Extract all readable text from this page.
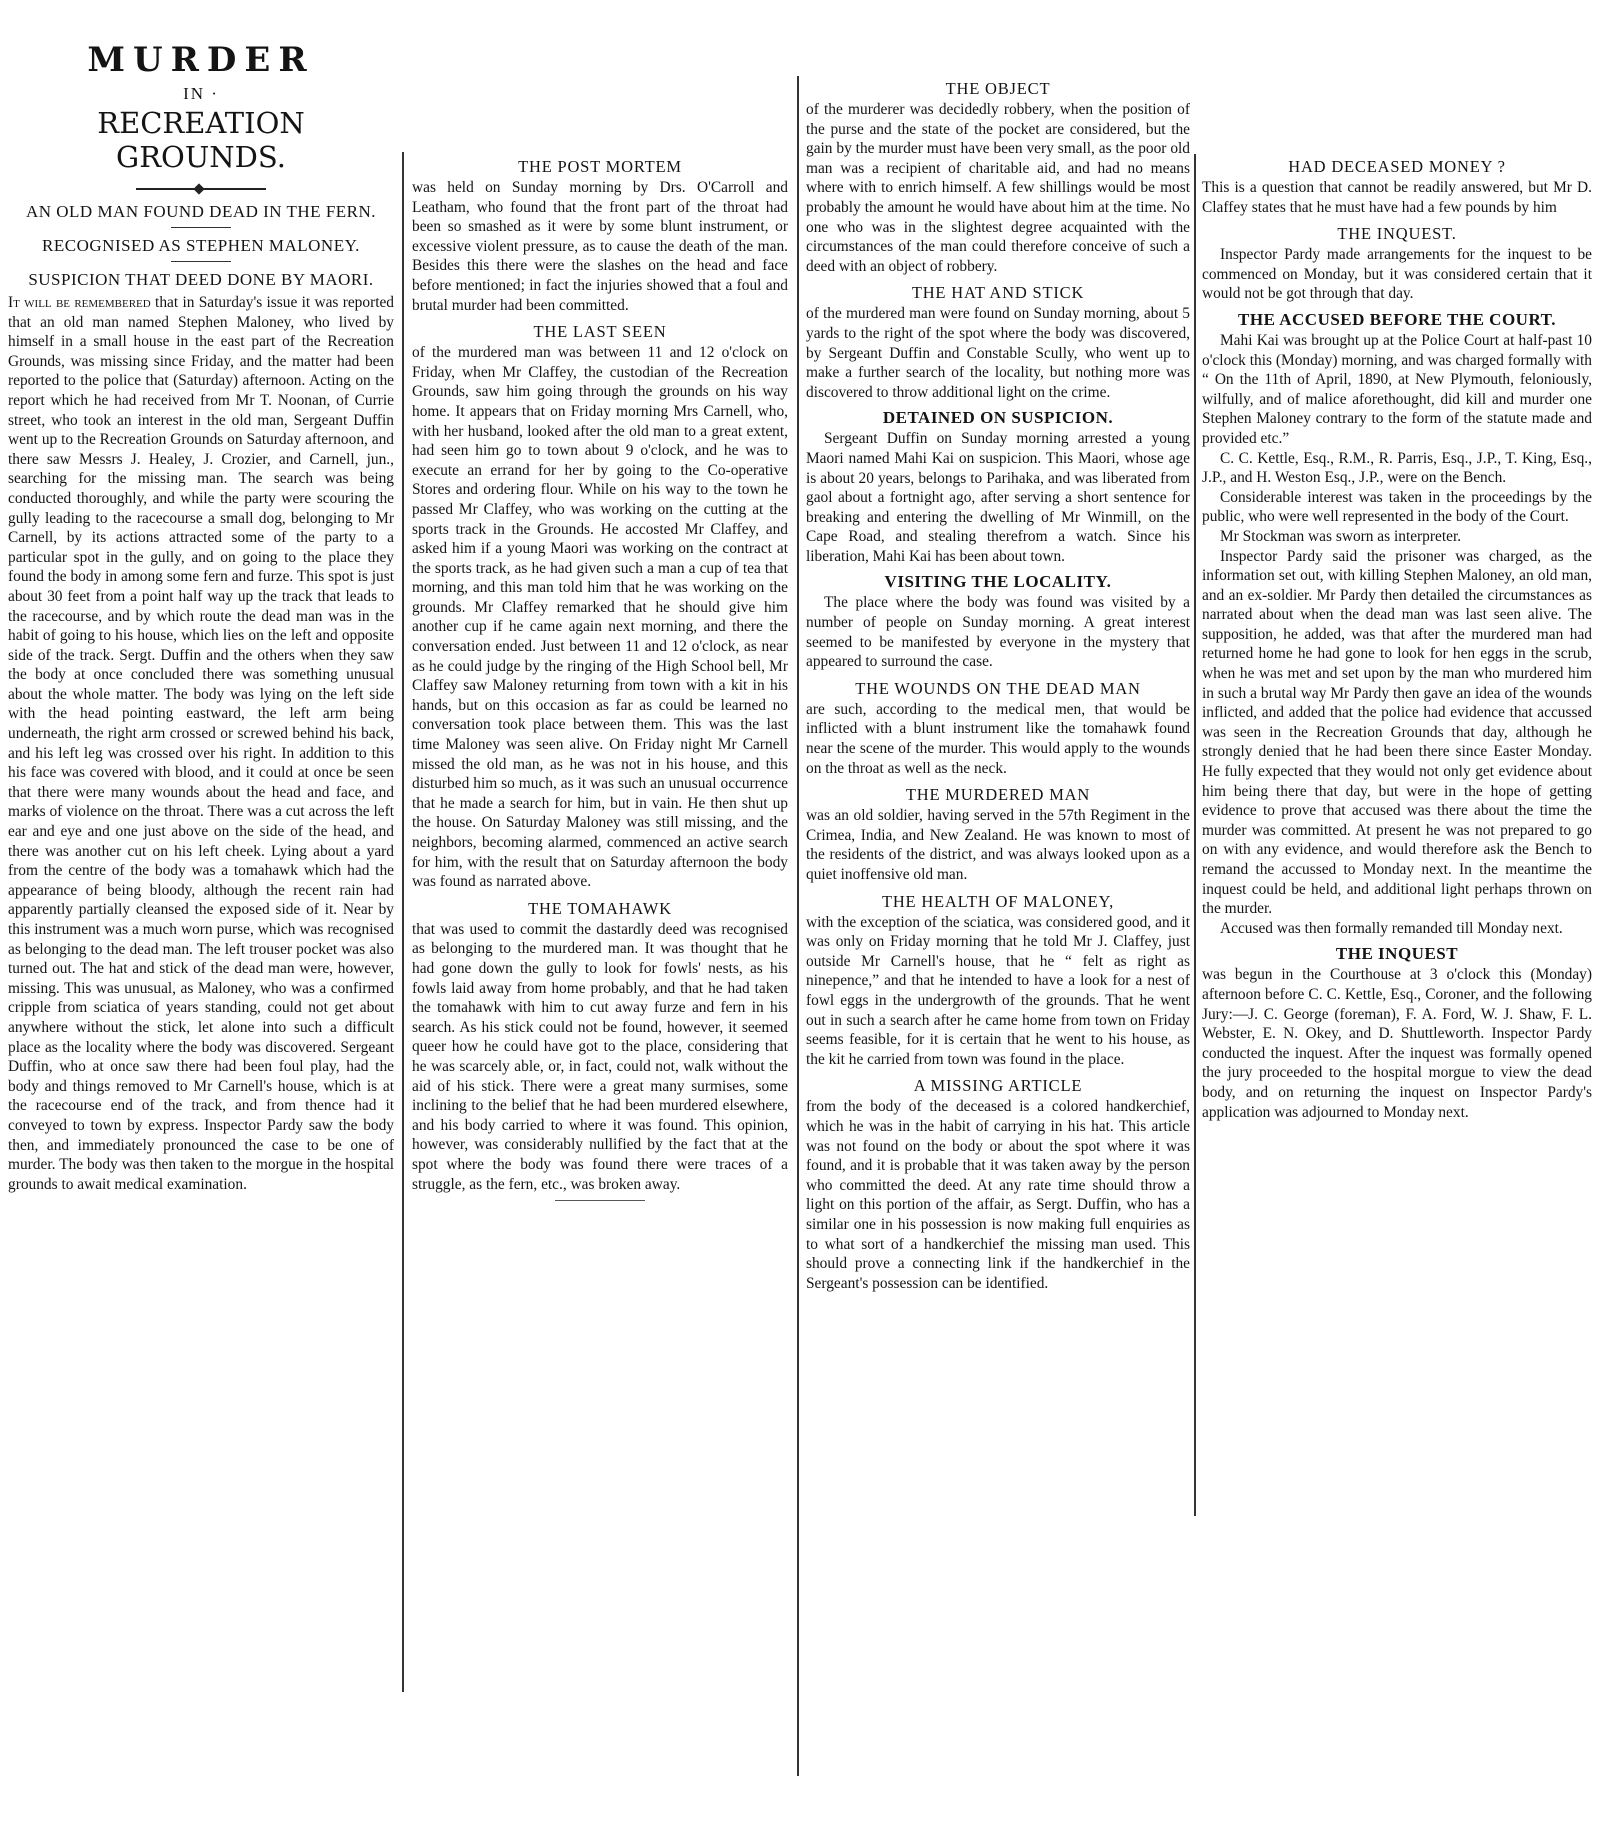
MURDER
IN ·
RECREATION GROUNDS.
AN OLD MAN FOUND DEAD IN THE FERN.
RECOGNISED AS STEPHEN MALONEY.
SUSPICION THAT DEED DONE BY MAORI.

It will be remembered that in Saturday's issue it was reported that an old man named Stephen Maloney, who lived by himself in a small house in the east part of the Recreation Grounds, was missing since Friday, and the matter had been reported to the police that (Saturday) afternoon. Acting on the report which he had received from Mr T. Noonan, of Currie street, who took an interest in the old man, Sergeant Duffin went up to the Recreation Grounds on Saturday afternoon, and there saw Messrs J. Healey, J. Crozier, and Carnell, jun., searching for the missing man. The search was being conducted thoroughly, and while the party were scouring the gully leading to the racecourse a small dog, belonging to Mr Carnell, by its actions attracted some of the party to a particular spot in the gully, and on going to the place they found the body in among some fern and furze. This spot is just about 30 feet from a point half way up the track that leads to the racecourse, and by which route the dead man was in the habit of going to his house, which lies on the left and opposite side of the track. Sergt. Duffin and the others when they saw the body at once concluded there was something unusual about the whole matter. The body was lying on the left side with the head pointing eastward, the left arm being underneath, the right arm crossed or screwed behind his back, and his left leg was crossed over his right. In addition to this his face was covered with blood, and it could at once be seen that there were many wounds about the head and face, and marks of violence on the throat. There was a cut across the left ear and eye and one just above on the side of the head, and there was another cut on his left cheek. Lying about a yard from the centre of the body was a tomahawk which had the appearance of being bloody, although the recent rain had apparently partially cleansed the exposed side of it. Near by this instrument was a much worn purse, which was recognised as belonging to the dead man. The left trouser pocket was also turned out. The hat and stick of the dead man were, however, missing. This was unusual, as Maloney, who was a confirmed cripple from sciatica of years standing, could not get about anywhere without the stick, let alone into such a difficult place as the locality where the body was discovered. Sergeant Duffin, who at once saw there had been foul play, had the body and things removed to Mr Carnell's house, which is at the racecourse end of the track, and from thence had it conveyed to town by express. Inspector Pardy saw the body then, and immediately pronounced the case to be one of murder. The body was then taken to the morgue in the hospital grounds to await medical examination.

THE POST MORTEM

was held on Sunday morning by Drs. O'Carroll and Leatham, who found that the front part of the throat had been so smashed as it were by some blunt instrument, or excessive violent pressure, as to cause the death of the man. Besides this there were the slashes on the head and face before mentioned; in fact the injuries showed that a foul and brutal murder had been committed.

THE LAST SEEN

of the murdered man was between 11 and 12 o'clock on Friday, when Mr Claffey, the custodian of the Recreation Grounds, saw him going through the grounds on his way home. It appears that on Friday morning Mrs Carnell, who, with her husband, looked after the old man to a great extent, had seen him go to town about 9 o'clock, and he was to execute an errand for her by going to the Co-operative Stores and ordering flour. While on his way to the town he passed Mr Claffey, who was working on the cutting at the sports track in the Grounds. He accosted Mr Claffey, and asked him if a young Maori was working on the contract at the sports track, as he had given such a man a cup of tea that morning, and this man told him that he was working on the grounds. Mr Claffey remarked that he should give him another cup if he came again next morning, and there the conversation ended. Just between 11 and 12 o'clock, as near as he could judge by the ringing of the High School bell, Mr Claffey saw Maloney returning from town with a kit in his hands, but on this occasion as far as could be learned no conversation took place between them. This was the last time Maloney was seen alive. On Friday night Mr Carnell missed the old man, as he was not in his house, and this disturbed him so much, as it was such an unusual occurrence that he made a search for him, but in vain. He then shut up the house. On Saturday Maloney was still missing, and the neighbors, becoming alarmed, commenced an active search for him, with the result that on Saturday afternoon the body was found as narrated above.

THE TOMAHAWK

that was used to commit the dastardly deed was recognised as belonging to the murdered man. It was thought that he had gone down the gully to look for fowls' nests, as his fowls laid away from home probably, and that he had taken the tomahawk with him to cut away furze and fern in his search. As his stick could not be found, however, it seemed queer how he could have got to the place, considering that he was scarcely able, or, in fact, could not, walk without the aid of his stick. There were a great many surmises, some inclining to the belief that he had been murdered elsewhere, and his body carried to where it was found. This opinion, however, was considerably nullified by the fact that at the spot where the body was found there were traces of a struggle, as the fern, etc., was broken away.

THE OBJECT

of the murderer was decidedly robbery, when the position of the purse and the state of the pocket are considered, but the gain by the murder must have been very small, as the poor old man was a recipient of charitable aid, and had no means where with to enrich himself. A few shillings would be most probably the amount he would have about him at the time. No one who was in the slightest degree acquainted with the circumstances of the man could therefore conceive of such a deed with an object of robbery.

THE HAT AND STICK

of the murdered man were found on Sunday morning, about 5 yards to the right of the spot where the body was discovered, by Sergeant Duffin and Constable Scully, who went up to make a further search of the locality, but nothing more was discovered to throw additional light on the crime.

DETAINED ON SUSPICION.

Sergeant Duffin on Sunday morning arrested a young Maori named Mahi Kai on suspicion. This Maori, whose age is about 20 years, belongs to Parihaka, and was liberated from gaol about a fortnight ago, after serving a short sentence for breaking and entering the dwelling of Mr Winmill, on the Cape Road, and stealing therefrom a watch. Since his liberation, Mahi Kai has been about town.

VISITING THE LOCALITY.

The place where the body was found was visited by a number of people on Sunday morning. A great interest seemed to be manifested by everyone in the mystery that appeared to surround the case.

THE WOUNDS ON THE DEAD MAN

are such, according to the medical men, that would be inflicted with a blunt instrument like the tomahawk found near the scene of the murder. This would apply to the wounds on the throat as well as the neck.

THE MURDERED MAN

was an old soldier, having served in the 57th Regiment in the Crimea, India, and New Zealand. He was known to most of the residents of the district, and was always looked upon as a quiet inoffensive old man.

THE HEALTH OF MALONEY,

with the exception of the sciatica, was considered good, and it was only on Friday morning that he told Mr J. Claffey, just outside Mr Carnell's house, that he “ felt as right as ninepence,” and that he intended to have a look for a nest of fowl eggs in the undergrowth of the grounds. That he went out in such a search after he came home from town on Friday seems feasible, for it is certain that he went to his house, as the kit he carried from town was found in the place.

A MISSING ARTICLE

from the body of the deceased is a colored handkerchief, which he was in the habit of carrying in his hat. This article was not found on the body or about the spot where it was found, and it is probable that it was taken away by the person who committed the deed. At any rate time should throw a light on this portion of the affair, as Sergt. Duffin, who has a similar one in his possession is now making full enquiries as to what sort of a handkerchief the missing man used. This should prove a connecting link if the handkerchief in the Sergeant's possession can be identified.

HAD DECEASED MONEY ?

This is a question that cannot be readily answered, but Mr D. Claffey states that he must have had a few pounds by him

THE INQUEST.

Inspector Pardy made arrangements for the inquest to be commenced on Monday, but it was considered certain that it would not be got through that day.

THE ACCUSED BEFORE THE COURT.

Mahi Kai was brought up at the Police Court at half-past 10 o'clock this (Monday) morning, and was charged formally with “ On the 11th of April, 1890, at New Plymouth, feloniously, wilfully, and of malice aforethought, did kill and murder one Stephen Maloney contrary to the form of the statute made and provided etc.”

C. C. Kettle, Esq., R.M., R. Parris, Esq., J.P., T. King, Esq., J.P., and H. Weston Esq., J.P., were on the Bench.

Considerable interest was taken in the proceedings by the public, who were well represented in the body of the Court.

Mr Stockman was sworn as interpreter.

Inspector Pardy said the prisoner was charged, as the information set out, with killing Stephen Maloney, an old man, and an ex-soldier. Mr Pardy then detailed the circumstances as narrated about when the dead man was last seen alive. The supposition, he added, was that after the murdered man had returned home he had gone to look for hen eggs in the scrub, when he was met and set upon by the man who murdered him in such a brutal way Mr Pardy then gave an idea of the wounds inflicted, and added that the police had evidence that accussed was seen in the Recreation Grounds that day, although he strongly denied that he had been there since Easter Monday. He fully expected that they would not only get evidence about him being there that day, but were in the hope of getting evidence to prove that accused was there about the time the murder was committed. At present he was not prepared to go on with any evidence, and would therefore ask the Bench to remand the accussed to Monday next. In the meantime the inquest could be held, and additional light perhaps thrown on the murder.

Accused was then formally remanded till Monday next.

THE INQUEST

was begun in the Courthouse at 3 o'clock this (Monday) afternoon before C. C. Kettle, Esq., Coroner, and the following Jury:—J. C. George (foreman), F. A. Ford, W. J. Shaw, F. L. Webster, E. N. Okey, and D. Shuttleworth. Inspector Pardy conducted the inquest. After the inquest was formally opened the jury proceeded to the hospital morgue to view the dead body, and on returning the inquest on Inspector Pardy's application was adjourned to Monday next.
